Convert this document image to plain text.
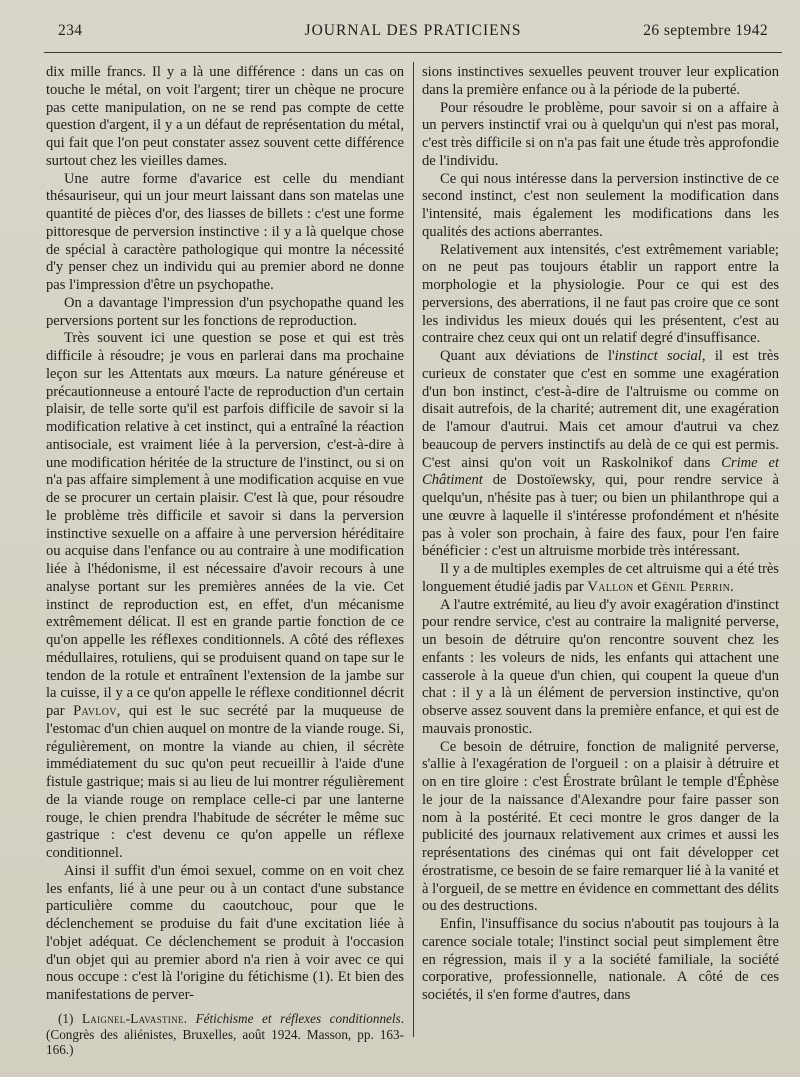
234	JOURNAL DES PRATICIENS	26 septembre 1942

dix mille francs. Il y a là une différence : dans un cas on touche le métal, on voit l'argent; tirer un chèque ne procure pas cette manipulation, on ne se rend pas compte de cette question d'argent, il y a un défaut de représentation du métal, qui fait que l'on peut constater assez souvent cette différence surtout chez les vieilles dames.

Une autre forme d'avarice est celle du mendiant thésauriseur, qui un jour meurt laissant dans son matelas une quantité de pièces d'or, des liasses de billets : c'est une forme pittoresque de perversion instinctive : il y a là quelque chose de spécial à caractère pathologique qui montre la nécessité d'y penser chez un individu qui au premier abord ne donne pas l'impression d'être un psychopathe.

On a davantage l'impression d'un psychopathe quand les perversions portent sur les fonctions de reproduction.

Très souvent ici une question se pose et qui est très difficile à résoudre; je vous en parlerai dans ma prochaine leçon sur les Attentats aux mœurs. La nature généreuse et précautionneuse a entouré l'acte de reproduction d'un certain plaisir, de telle sorte qu'il est parfois difficile de savoir si la modification relative à cet instinct, qui a entraîné la réaction antisociale, est vraiment liée à la perversion, c'est-à-dire à une modification héritée de la structure de l'instinct, ou si on n'a pas affaire simplement à une modification acquise en vue de se procurer un certain plaisir. C'est là que, pour résoudre le problème très difficile et savoir si dans la perversion instinctive sexuelle on a affaire à une perversion héréditaire ou acquise dans l'enfance ou au contraire à une modification liée à l'hédonisme, il est nécessaire d'avoir recours à une analyse portant sur les premières années de la vie. Cet instinct de reproduction est, en effet, d'un mécanisme extrêmement délicat. Il est en grande partie fonction de ce qu'on appelle les réflexes conditionnels. A côté des réflexes médullaires, rotuliens, qui se produisent quand on tape sur le tendon de la rotule et entraînent l'extension de la jambe sur la cuisse, il y a ce qu'on appelle le réflexe conditionnel décrit par Pavlov, qui est le suc secrété par la muqueuse de l'estomac d'un chien auquel on montre de la viande rouge. Si, régulièrement, on montre la viande au chien, il sécrète immédiatement du suc qu'on peut recueillir à l'aide d'une fistule gastrique; mais si au lieu de lui montrer régulièrement de la viande rouge on remplace celle-ci par une lanterne rouge, le chien prendra l'habitude de sécréter le même suc gastrique : c'est devenu ce qu'on appelle un réflexe conditionnel.

Ainsi il suffit d'un émoi sexuel, comme on en voit chez les enfants, lié à une peur ou à un contact d'une substance particulière comme du caoutchouc, pour que le déclenchement se produise du fait d'une excitation liée à l'objet adéquat. Ce déclenchement se produit à l'occasion d'un objet qui au premier abord n'a rien à voir avec ce qui nous occupe : c'est là l'origine du fétichisme (1). Et bien des manifestations de perver-

(1) Laignel-Lavastine. Fétichisme et réflexes conditionnels. (Congrès des aliénistes, Bruxelles, août 1924. Masson, pp. 163-166.)

sions instinctives sexuelles peuvent trouver leur explication dans la première enfance ou à la période de la puberté.

Pour résoudre le problème, pour savoir si on a affaire à un pervers instinctif vrai ou à quelqu'un qui n'est pas moral, c'est très difficile si on n'a pas fait une étude très approfondie de l'individu.

Ce qui nous intéresse dans la perversion instinctive de ce second instinct, c'est non seulement la modification dans l'intensité, mais également les modifications dans les qualités des actions aberrantes.

Relativement aux intensités, c'est extrêmement variable; on ne peut pas toujours établir un rapport entre la morphologie et la physiologie. Pour ce qui est des perversions, des aberrations, il ne faut pas croire que ce sont les individus les mieux doués qui les présentent, c'est au contraire chez ceux qui ont un relatif degré d'insuffisance.

Quant aux déviations de l'instinct social, il est très curieux de constater que c'est en somme une exagération d'un bon instinct, c'est-à-dire de l'altruisme ou comme on disait autrefois, de la charité; autrement dit, une exagération de l'amour d'autrui. Mais cet amour d'autrui va chez beaucoup de pervers instinctifs au delà de ce qui est permis. C'est ainsi qu'on voit un Raskolnikof dans Crime et Châtiment de Dostoïewsky, qui, pour rendre service à quelqu'un, n'hésite pas à tuer; ou bien un philanthrope qui a une œuvre à laquelle il s'intéresse profondément et n'hésite pas à voler son prochain, à faire des faux, pour l'en faire bénéficier : c'est un altruisme morbide très intéressant.

Il y a de multiples exemples de cet altruisme qui a été très longuement étudié jadis par Vallon et Génil Perrin.

A l'autre extrémité, au lieu d'y avoir exagération d'instinct pour rendre service, c'est au contraire la malignité perverse, un besoin de détruire qu'on rencontre souvent chez les enfants : les voleurs de nids, les enfants qui attachent une casserole à la queue d'un chien, qui coupent la queue d'un chat : il y a là un élément de perversion instinctive, qu'on observe assez souvent dans la première enfance, et qui est de mauvais pronostic.

Ce besoin de détruire, fonction de malignité perverse, s'allie à l'exagération de l'orgueil : on a plaisir à détruire et on en tire gloire : c'est Érostrate brûlant le temple d'Éphèse le jour de la naissance d'Alexandre pour faire passer son nom à la postérité. Et ceci montre le gros danger de la publicité des journaux relativement aux crimes et aussi les représentations des cinémas qui ont fait développer cet érostratisme, ce besoin de se faire remarquer lié à la vanité et à l'orgueil, de se mettre en évidence en commettant des délits ou des destructions.

Enfin, l'insuffisance du socius n'aboutit pas toujours à la carence sociale totale; l'instinct social peut simplement être en régression, mais il y a la société familiale, la société corporative, professionnelle, nationale. A côté de ces sociétés, il s'en forme d'autres, dans
